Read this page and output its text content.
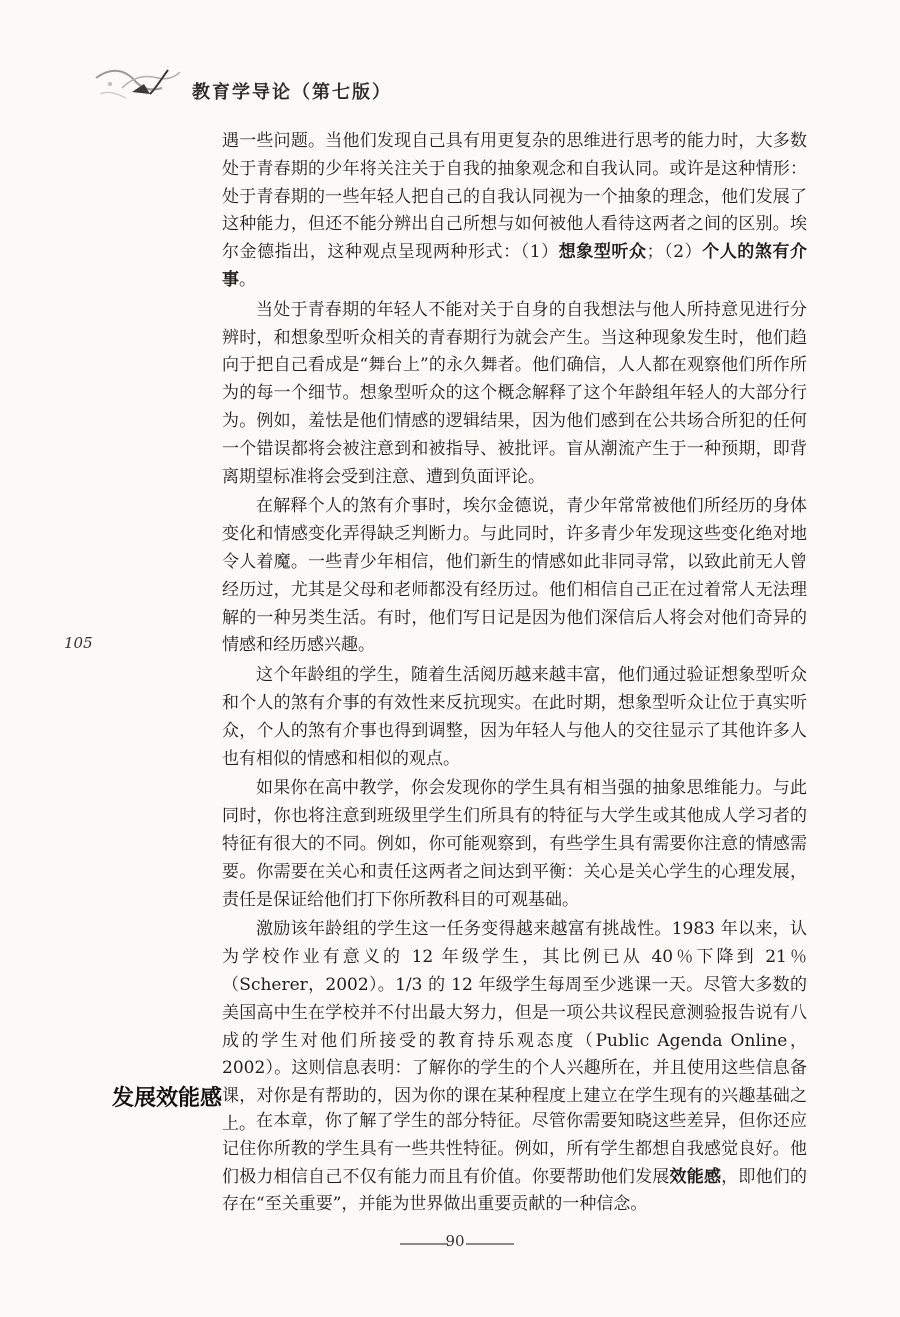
教育学导论（第七版）
105

遇一些问题。当他们发现自己具有用更复杂的思维进行思考的能力时，大多数处于青春期的少年将关注关于自我的抽象观念和自我认同。或许是这种情形：处于青春期的一些年轻人把自己的自我认同视为一个抽象的理念，他们发展了这种能力，但还不能分辨出自己所想与如何被他人看待这两者之间的区别。埃尔金德指出，这种观点呈现两种形式：（1）想象型听众；（2）个人的煞有介事。

当处于青春期的年轻人不能对关于自身的自我想法与他人所持意见进行分辨时，和想象型听众相关的青春期行为就会产生。当这种现象发生时，他们趋向于把自己看成是“舞台上”的永久舞者。他们确信，人人都在观察他们所作所为的每一个细节。想象型听众的这个概念解释了这个年龄组年轻人的大部分行为。例如，羞怯是他们情感的逻辑结果，因为他们感到在公共场合所犯的任何一个错误都将会被注意到和被指导、被批评。盲从潮流产生于一种预期，即背离期望标准将会受到注意、遭到负面评论。

在解释个人的煞有介事时，埃尔金德说，青少年常常被他们所经历的身体变化和情感变化弄得缺乏判断力。与此同时，许多青少年发现这些变化绝对地令人着魔。一些青少年相信，他们新生的情感如此非同寻常，以致此前无人曾经历过，尤其是父母和老师都没有经历过。他们相信自己正在过着常人无法理解的一种另类生活。有时，他们写日记是因为他们深信后人将会对他们奇异的情感和经历感兴趣。

这个年龄组的学生，随着生活阅历越来越丰富，他们通过验证想象型听众和个人的煞有介事的有效性来反抗现实。在此时期，想象型听众让位于真实听众，个人的煞有介事也得到调整，因为年轻人与他人的交往显示了其他许多人也有相似的情感和相似的观点。

如果你在高中教学，你会发现你的学生具有相当强的抽象思维能力。与此同时，你也将注意到班级里学生们所具有的特征与大学生或其他成人学习者的特征有很大的不同。例如，你可能观察到，有些学生具有需要你注意的情感需要。你需要在关心和责任这两者之间达到平衡：关心是关心学生的心理发展，责任是保证给他们打下你所教科目的可观基础。

激励该年龄组的学生这一任务变得越来越富有挑战性。1983 年以来，认为学校作业有意义的 12 年级学生，其比例已从 40％下降到 21％（Scherer，2002）。1/3 的 12 年级学生每周至少逃课一天。尽管大多数的美国高中生在学校并不付出最大努力，但是一项公共议程民意测验报告说有八成的学生对他们所接受的教育持乐观态度（Public Agenda Online，2002）。这则信息表明：了解你的学生的个人兴趣所在，并且使用这些信息备课，对你是有帮助的，因为你的课在某种程度上建立在学生现有的兴趣基础之上。

发展效能感

在本章，你了解了学生的部分特征。尽管你需要知晓这些差异，但你还应记住你所教的学生具有一些共性特征。例如，所有学生都想自我感觉良好。他们极力相信自己不仅有能力而且有价值。你要帮助他们发展效能感，即他们的存在“至关重要”，并能为世界做出重要贡献的一种信念。

90
